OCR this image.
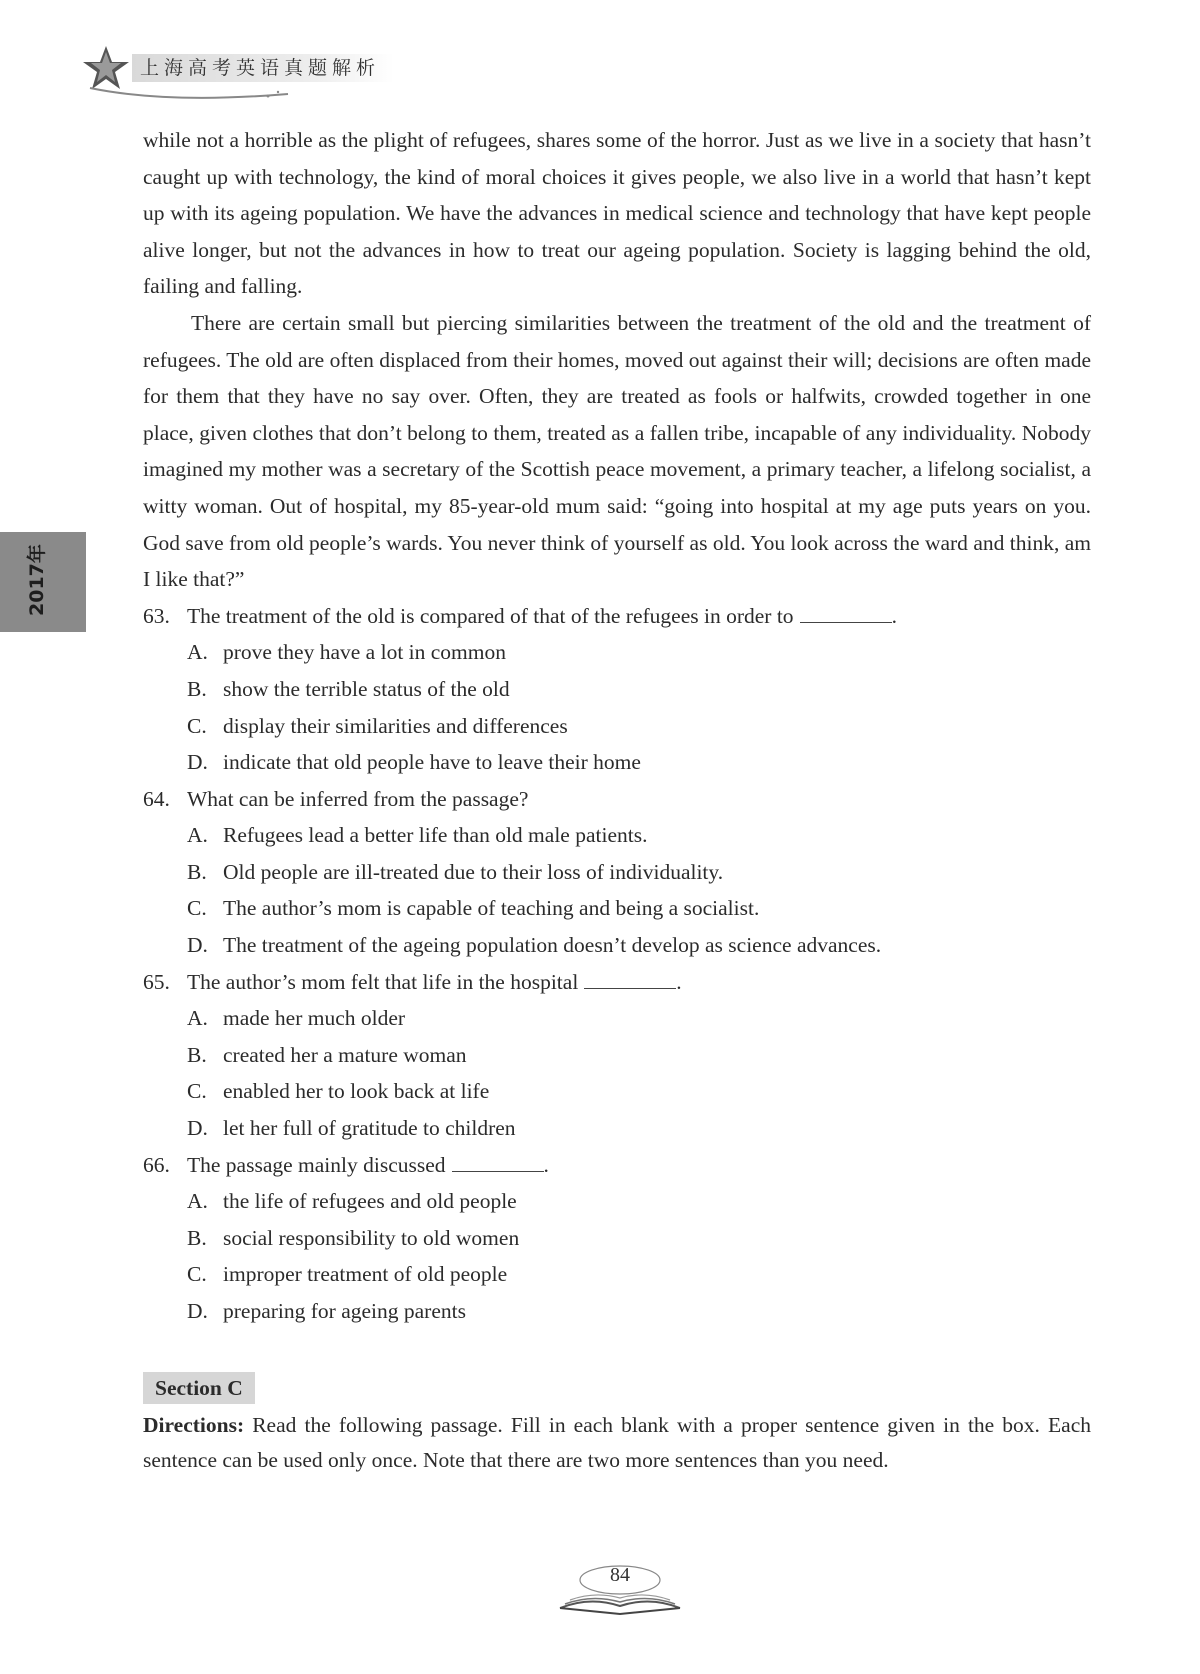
上海高考英语真题解析
2017年

while not a horrible as the plight of refugees, shares some of the horror. Just as we live in a society that hasn’t caught up with technology, the kind of moral choices it gives people, we also live in a world that hasn’t kept up with its ageing population. We have the advances in medical science and technology that have kept people alive longer, but not the advances in how to treat our ageing population. Society is lagging behind the old, failing and falling.

There are certain small but piercing similarities between the treatment of the old and the treatment of refugees. The old are often displaced from their homes, moved out against their will; decisions are often made for them that they have no say over. Often, they are treated as fools or halfwits, crowded together in one place, given clothes that don’t belong to them, treated as a fallen tribe, incapable of any individuality. Nobody imagined my mother was a secretary of the Scottish peace movement, a primary teacher, a lifelong socialist, a witty woman. Out of hospital, my 85-year-old mum said: “going into hospital at my age puts years on you. God save from old people’s wards. You never think of yourself as old. You look across the ward and think, am I like that?”

63. The treatment of the old is compared of that of the refugees in order to	.

A. prove they have a lot in common

B. show the terrible status of the old

C. display their similarities and differences

D. indicate that old people have to leave their home

64. What can be inferred from the passage?

A. Refugees lead a better life than old male patients.

B. Old people are ill-treated due to their loss of individuality.

C. The author’s mom is capable of teaching and being a socialist.

D. The treatment of the ageing population doesn’t develop as science advances.

65. The author’s mom felt that life in the hospital	.

A. made her much older

B. created her a mature woman

C. enabled her to look back at life

D. let her full of gratitude to children

66. The passage mainly discussed	.

A. the life of refugees and old people

B. social responsibility to old women

C. improper treatment of old people

D. preparing for ageing parents

Section C

Directions: Read the following passage. Fill in each blank with a proper sentence given in the box. Each sentence can be used only once. Note that there are two more sentences than you need.

84
